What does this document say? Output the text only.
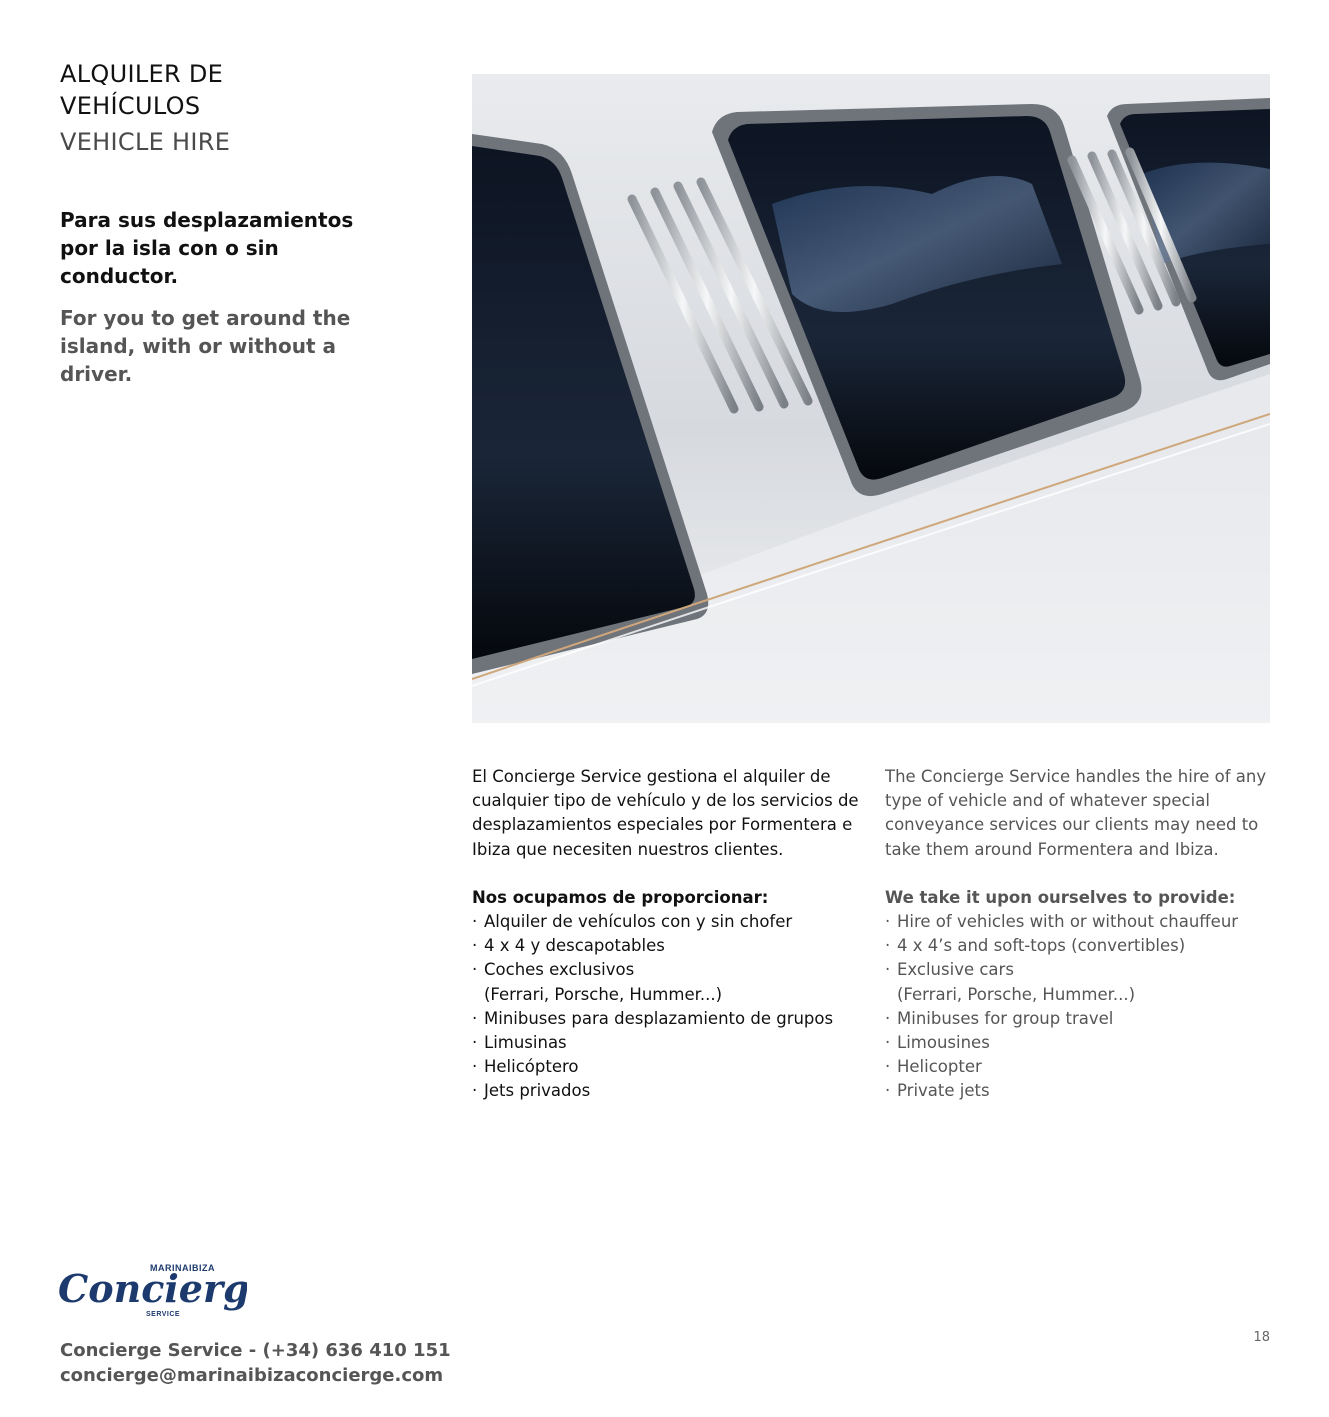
ALQUILER DE
VEHÍCULOS
VEHICLE HIRE
Para sus desplazamientos por la isla con o sin conductor.
For you to get around the island, with or without a driver.

El Concierge Service gestiona el alquiler de cualquier tipo de vehículo y de los servicios de desplazamientos especiales por Formentera e Ibiza que necesiten nuestros clientes.

Nos ocupamos de proporcionar:

· Alquiler de vehículos con y sin chofer
· 4 x 4 y descapotables
· Coches exclusivos
(Ferrari, Porsche, Hummer...)
· Minibuses para desplazamiento de grupos
· Limusinas
· Helicóptero
· Jets privados

The Concierge Service handles the hire of any type of vehicle and of whatever special conveyance services our clients may need to take them around Formentera and Ibiza.

We take it upon ourselves to provide:

· Hire of vehicles with or without chauffeur
· 4 x 4’s and soft-tops (convertibles)
· Exclusive cars
(Ferrari, Porsche, Hummer...)
· Minibuses for group travel
· Limousines
· Helicopter
· Private jets
MARINAIBIZA
Concierg
SERVICE
Concierge Service - (+34) 636 410 151
concierge@marinaibizaconcierge.com
18
